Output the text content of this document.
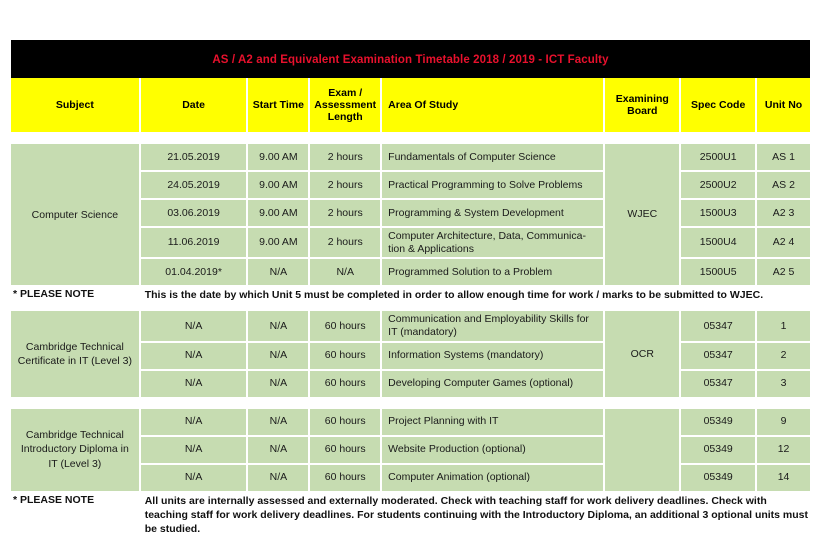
AS / A2 and Equivalent Examination Timetable 2018 / 2019 - ICT Faculty							
Subject	Date	Start Time	Exam / Assessment Length	Area Of Study	Examining Board	Spec Code	Unit No

Computer Science	21.05.2019	9.00 AM	2 hours	Fundamentals of Computer Science	WJEC	2500U1	AS 1
	24.05.2019	9.00 AM	2 hours	Practical Programming to Solve Problems		2500U2	AS 2
	03.06.2019	9.00 AM	2 hours	Programming & System Development		1500U3	A2 3
	11.06.2019	9.00 AM	2 hours	Computer Architecture, Data, Communica-tion & Applications		1500U4	A2 4
	01.04.2019*	N/A	N/A	Programmed Solution to a Problem		1500U5	A2 5

* PLEASE NOTE	This is the date by which Unit 5 must be completed in order to allow enough time for work / marks to be submitted to WJEC.						

Cambridge Technical Certificate in IT (Level 3)	N/A	N/A	60 hours	Communication and Employability Skills for IT (mandatory)	OCR	05347	1
	N/A	N/A	60 hours	Information Systems (mandatory)		05347	2
	N/A	N/A	60 hours	Developing Computer Games (optional)		05347	3

Cambridge Technical Introductory Diploma in IT (Level 3)	N/A	N/A	60 hours	Project Planning with IT		05349	9
	N/A	N/A	60 hours	Website Production (optional)		05349	12
	N/A	N/A	60 hours	Computer Animation (optional)		05349	14

* PLEASE NOTE	All units are internally assessed and externally moderated. Check with teaching staff for work delivery deadlines. Check with teaching staff for work delivery deadlines. For students continuing with the Introductory Diploma, an additional 3 optional units must be studied.						
